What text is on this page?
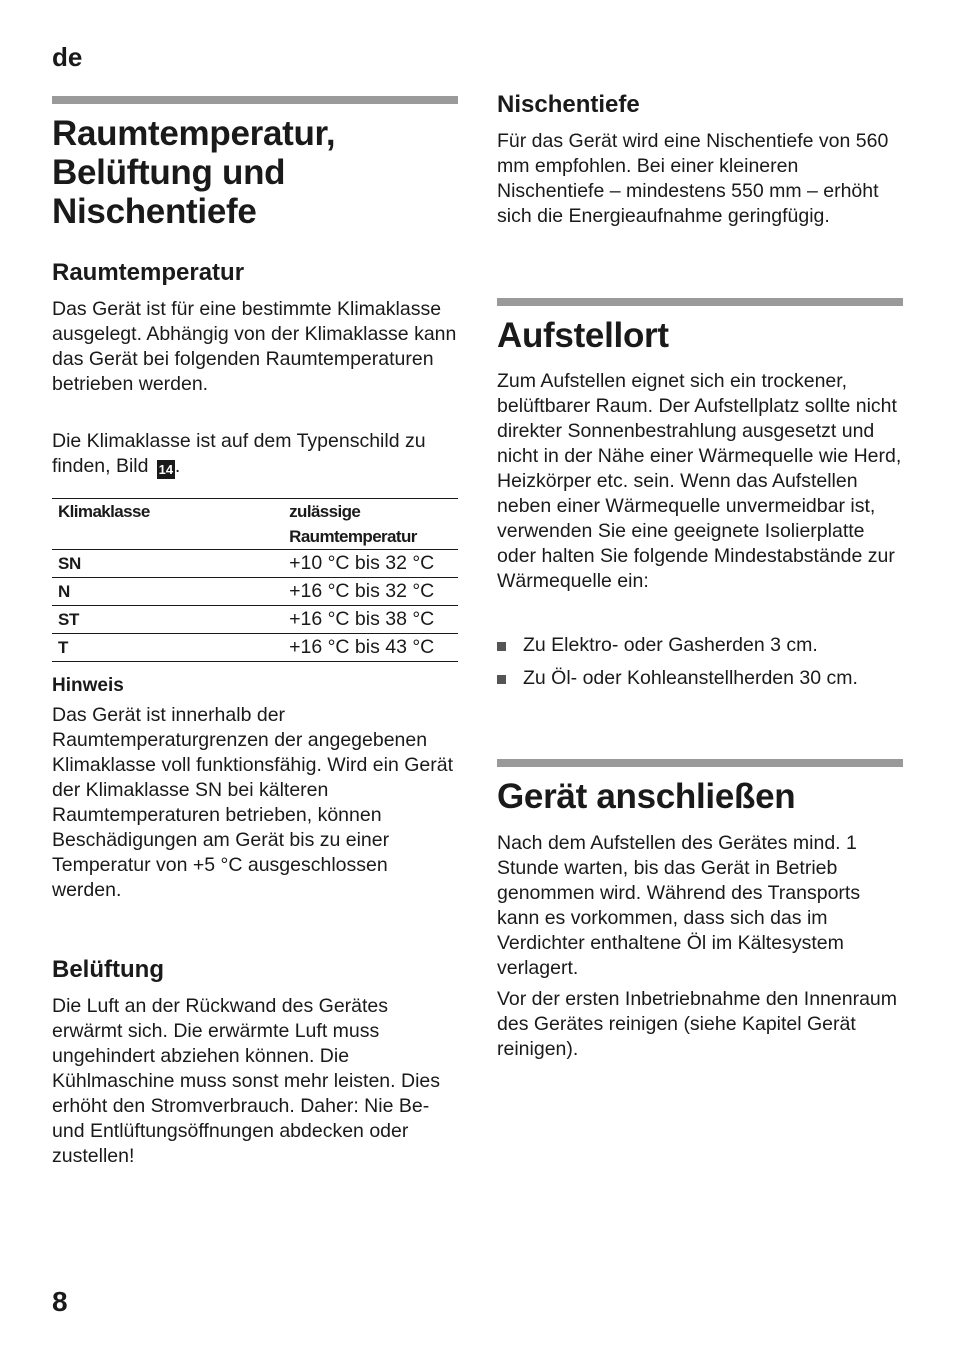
de
Raumtemperatur,
Belüftung und
Nischentiefe
Raumtemperatur

Das Gerät ist für eine bestimmte Klimaklasse ausgelegt. Abhängig von der Klimaklasse kann das Gerät bei folgenden Raumtemperaturen betrieben werden.

Die Klimaklasse ist auf dem Typenschild zu finden, Bild 14.

Klimaklasse	zulässige Raumtemperatur
SN	+10 °C bis 32 °C
N	+16 °C bis 32 °C
ST	+16 °C bis 38 °C
T	+16 °C bis 43 °C
Hinweis

Das Gerät ist innerhalb der Raumtemperaturgrenzen der angegebenen Klimaklasse voll funktionsfähig. Wird ein Gerät der Klimaklasse SN bei kälteren Raumtemperaturen betrieben, können Beschädigungen am Gerät bis zu einer Temperatur von +5 °C ausgeschlossen werden.

Belüftung

Die Luft an der Rückwand des Gerätes erwärmt sich. Die erwärmte Luft muss ungehindert abziehen können. Die Kühlmaschine muss sonst mehr leisten. Dies erhöht den Stromverbrauch. Daher: Nie Be- und Entlüftungsöffnungen abdecken oder zustellen!

Nischentiefe

Für das Gerät wird eine Nischentiefe von 560 mm empfohlen. Bei einer kleineren Nischentiefe – mindestens 550 mm – erhöht sich die Energieaufnahme geringfügig.

Aufstellort

Zum Aufstellen eignet sich ein trockener, belüftbarer Raum. Der Aufstellplatz sollte nicht direkter Sonnenbestrahlung ausgesetzt und nicht in der Nähe einer Wärmequelle wie Herd, Heizkörper etc. sein. Wenn das Aufstellen neben einer Wärmequelle unvermeidbar ist, verwenden Sie eine geeignete Isolierplatte oder halten Sie folgende Mindestabstände zur Wärmequelle ein:

Zu Elektro- oder Gasherden 3 cm.
Zu Öl- oder Kohleanstellherden 30 cm.
Gerät anschließen

Nach dem Aufstellen des Gerätes mind. 1 Stunde warten, bis das Gerät in Betrieb genommen wird. Während des Transports kann es vorkommen, dass sich das im Verdichter enthaltene Öl im Kältesystem verlagert.

Vor der ersten Inbetriebnahme den Innenraum des Gerätes reinigen (siehe Kapitel Gerät reinigen).

8
